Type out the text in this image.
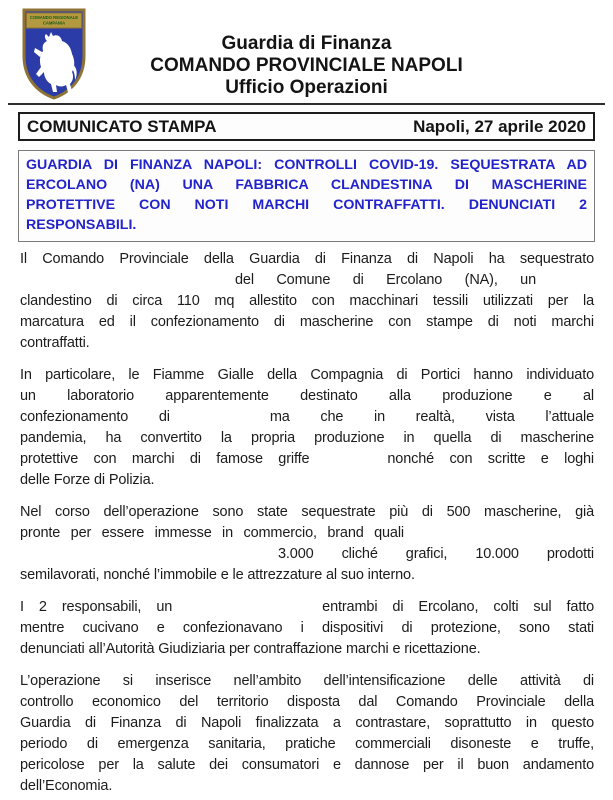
COMANDO REGIONALE
CAMPANIA
Guardia di Finanza
COMANDO PROVINCIALE NAPOLI
Ufficio Operazioni
COMUNICATO STAMPA	Napoli, 27 aprile 2020
GUARDIA DI FINANZA NAPOLI: CONTROLLI COVID-19. SEQUESTRATA AD
ERCOLANO (NA) UNA FABBRICA CLANDESTINA DI MASCHERINE
PROTETTIVE CON NOTI MARCHI CONTRAFFATTI. DENUNCIATI 2
RESPONSABILI.
Il Comando Provinciale della Guardia di Finanza di Napoli ha sequestrato
del Comune di Ercolano (NA), un
clandestino di circa 110 mq allestito con macchinari tessili utilizzati per la
marcatura ed il confezionamento di mascherine con stampe di noti marchi
contraffatti.
In particolare, le Fiamme Gialle della Compagnia di Portici hanno individuato
un laboratorio apparentemente destinato alla produzione e al
confezionamento di	ma che in realtà, vista l’attuale
pandemia, ha convertito la propria produzione in quella di mascherine
protettive con marchi di famose griffe	nonché con scritte e loghi
delle Forze di Polizia.
Nel corso dell’operazione sono state sequestrate più di 500 mascherine, già
pronte per essere immesse in commercio, brand quali
3.000 cliché grafici, 10.000 prodotti
semilavorati, nonché l’immobile e le attrezzature al suo interno.
I 2 responsabili, un	entrambi di Ercolano, colti sul fatto
mentre cucivano e confezionavano i dispositivi di protezione, sono stati
denunciati all’Autorità Giudiziaria per contraffazione marchi e ricettazione.
L’operazione si inserisce nell’ambito dell’intensificazione delle attività di
controllo economico del territorio disposta dal Comando Provinciale della
Guardia di Finanza di Napoli finalizzata a contrastare, soprattutto in questo
periodo di emergenza sanitaria, pratiche commerciali disoneste e truffe,
pericolose per la salute dei consumatori e dannose per il buon andamento
dell’Economia.
